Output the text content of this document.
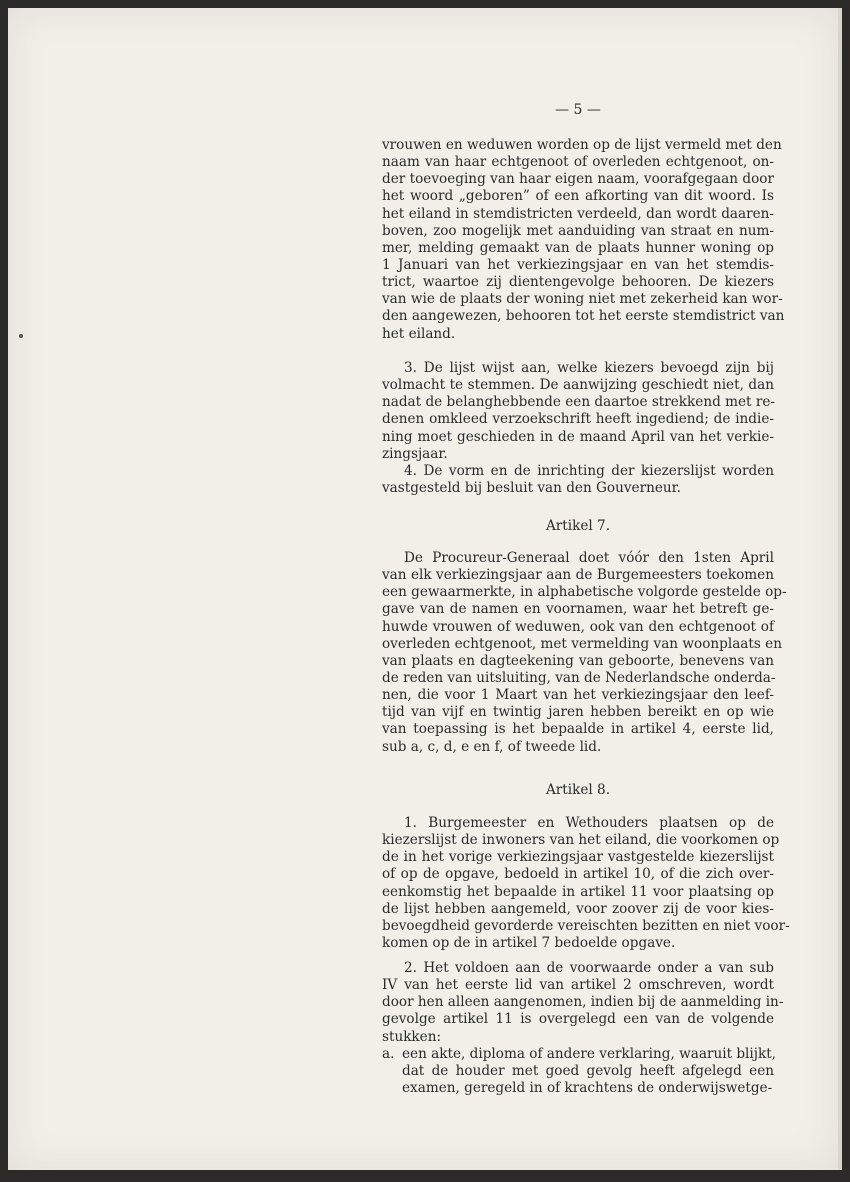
— 5 —
vrouwen en weduwen worden op de lijst vermeld met den
naam van haar echtgenoot of overleden echtgenoot, on-
der toevoeging van haar eigen naam, voorafgegaan door
het woord „geboren” of een afkorting van dit woord. Is
het eiland in stemdistricten verdeeld, dan wordt daaren-
boven, zoo mogelijk met aanduiding van straat en num-
mer, melding gemaakt van de plaats hunner woning op
1 Januari van het verkiezingsjaar en van het stemdis-
trict, waartoe zij dientengevolge behooren. De kiezers
van wie de plaats der woning niet met zekerheid kan wor-
den aangewezen, behooren tot het eerste stemdistrict van
het eiland.
3. De lijst wijst aan, welke kiezers bevoegd zijn bij
volmacht te stemmen. De aanwijzing geschiedt niet, dan
nadat de belanghebbende een daartoe strekkend met re-
denen omkleed verzoekschrift heeft ingediend; de indie-
ning moet geschieden in de maand April van het verkie-
zingsjaar.
4. De vorm en de inrichting der kiezerslijst worden
vastgesteld bij besluit van den Gouverneur.
Artikel 7.
De Procureur-Generaal doet vóór den 1sten April
van elk verkiezingsjaar aan de Burgemeesters toekomen
een gewaarmerkte, in alphabetische volgorde gestelde op-
gave van de namen en voornamen, waar het betreft ge-
huwde vrouwen of weduwen, ook van den echtgenoot of
overleden echtgenoot, met vermelding van woonplaats en
van plaats en dagteekening van geboorte, benevens van
de reden van uitsluiting, van de Nederlandsche onderda-
nen, die voor 1 Maart van het verkiezingsjaar den leef-
tijd van vijf en twintig jaren hebben bereikt en op wie
van toepassing is het bepaalde in artikel 4, eerste lid,
sub a, c, d, e en f, of tweede lid.
Artikel 8.
1. Burgemeester en Wethouders plaatsen op de
kiezerslijst de inwoners van het eiland, die voorkomen op
de in het vorige verkiezingsjaar vastgestelde kiezerslijst
of op de opgave, bedoeld in artikel 10, of die zich over-
eenkomstig het bepaalde in artikel 11 voor plaatsing op
de lijst hebben aangemeld, voor zoover zij de voor kies-
bevoegdheid gevorderde vereischten bezitten en niet voor-
komen op de in artikel 7 bedoelde opgave.
2. Het voldoen aan de voorwaarde onder a van sub
IV van het eerste lid van artikel 2 omschreven, wordt
door hen alleen aangenomen, indien bij de aanmelding in-
gevolge artikel 11 is overgelegd een van de volgende
stukken:
a. een akte, diploma of andere verklaring, waaruit blijkt,
dat de houder met goed gevolg heeft afgelegd een
examen, geregeld in of krachtens de onderwijswetge-
